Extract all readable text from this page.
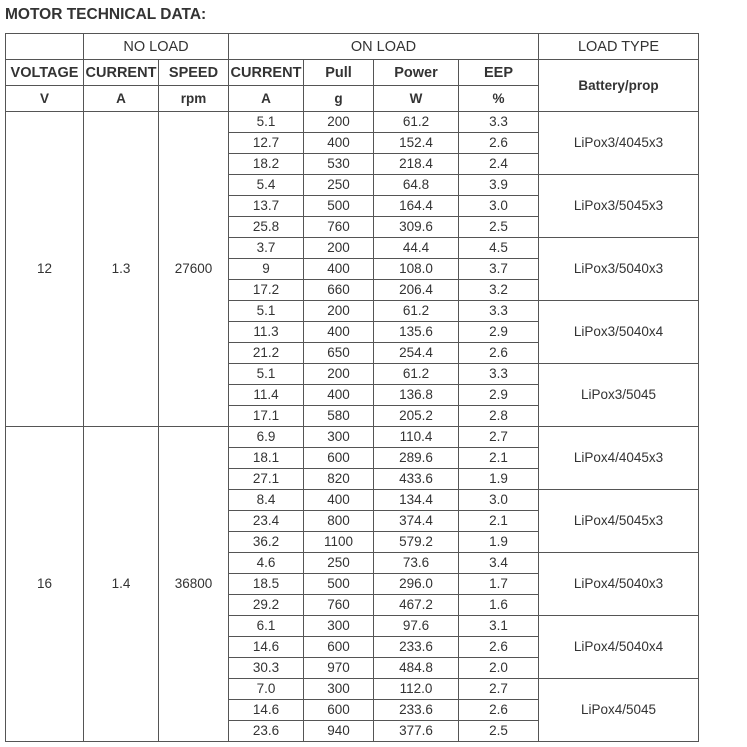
MOTOR TECHNICAL DATA:
	NO LOAD		ON LOAD				LOAD TYPE
VOLTAGE	CURRENT	SPEED	CURRENT	Pull	Power	EEP	Battery/prop
V	A	rpm	A	g	W	%	
12	1.3	27600	5.1	200	61.2	3.3	LiPox3/4045x3
			12.7	400	152.4	2.6	
			18.2	530	218.4	2.4	
			5.4	250	64.8	3.9	LiPox3/5045x3
			13.7	500	164.4	3.0	
			25.8	760	309.6	2.5	
			3.7	200	44.4	4.5	LiPox3/5040x3
			9	400	108.0	3.7	
			17.2	660	206.4	3.2	
			5.1	200	61.2	3.3	LiPox3/5040x4
			11.3	400	135.6	2.9	
			21.2	650	254.4	2.6	
			5.1	200	61.2	3.3	LiPox3/5045
			11.4	400	136.8	2.9	
			17.1	580	205.2	2.8	
16	1.4	36800	6.9	300	110.4	2.7	LiPox4/4045x3
			18.1	600	289.6	2.1	
			27.1	820	433.6	1.9	
			8.4	400	134.4	3.0	LiPox4/5045x3
			23.4	800	374.4	2.1	
			36.2	1100	579.2	1.9	
			4.6	250	73.6	3.4	LiPox4/5040x3
			18.5	500	296.0	1.7	
			29.2	760	467.2	1.6	
			6.1	300	97.6	3.1	LiPox4/5040x4
			14.6	600	233.6	2.6	
			30.3	970	484.8	2.0	
			7.0	300	112.0	2.7	LiPox4/5045
			14.6	600	233.6	2.6	
			23.6	940	377.6	2.5	
